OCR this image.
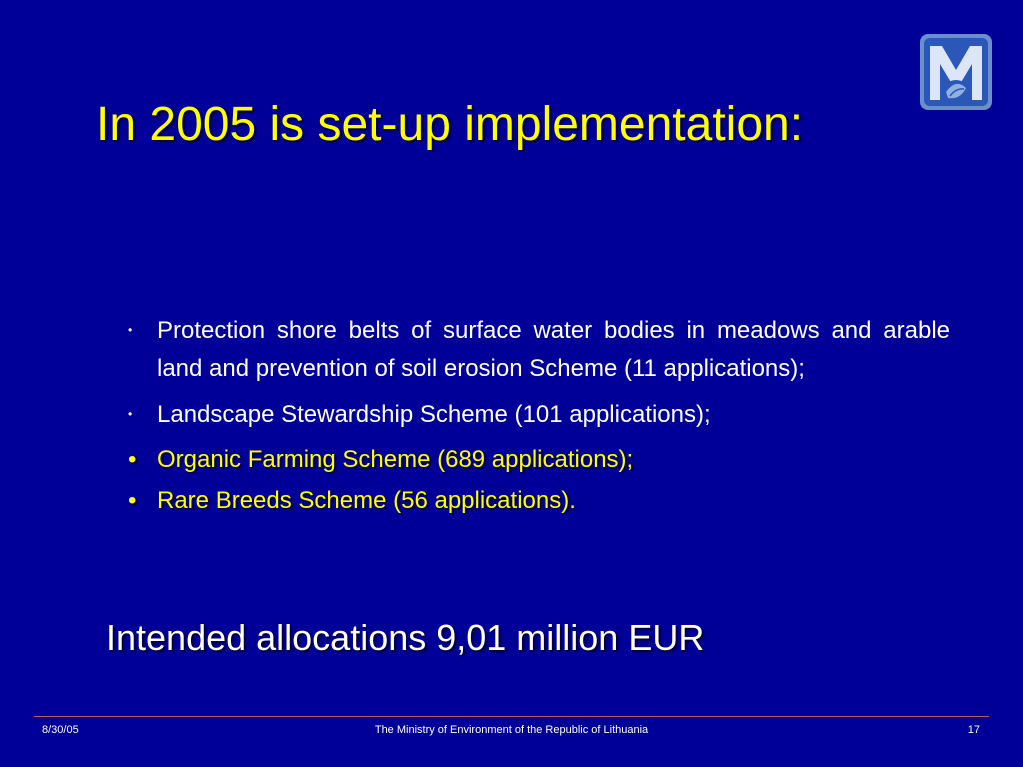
In 2005 is set-up implementation:
•	Protection shore belts of surface water bodies in meadows and arable land and prevention of soil erosion Scheme (11 applications);
•	Landscape Stewardship Scheme (101 applications);
• Organic Farming Scheme (689 applications);
• Rare Breeds Scheme (56 applications).
Intended allocations 9,01 million EUR
8/30/05	The Ministry of Environment of the Republic of Lithuania	17
